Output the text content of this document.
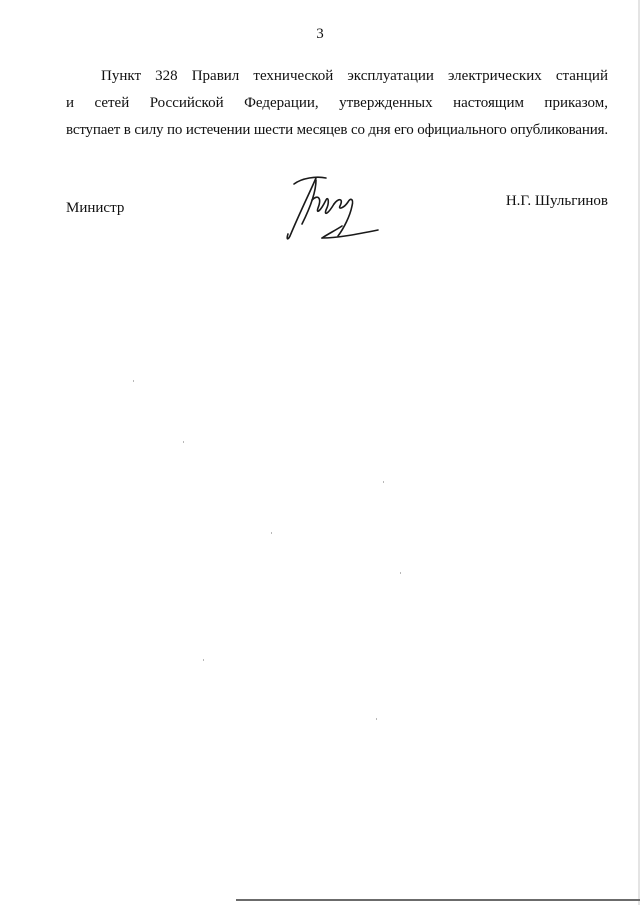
3
Пункт 328 Правил технической эксплуатации электрических станций
и сетей Российской Федерации, утвержденных настоящим приказом,
вступает в силу по истечении шести месяцев со дня его официального опубликования.
Министр	Н.Г. Шульгинов
